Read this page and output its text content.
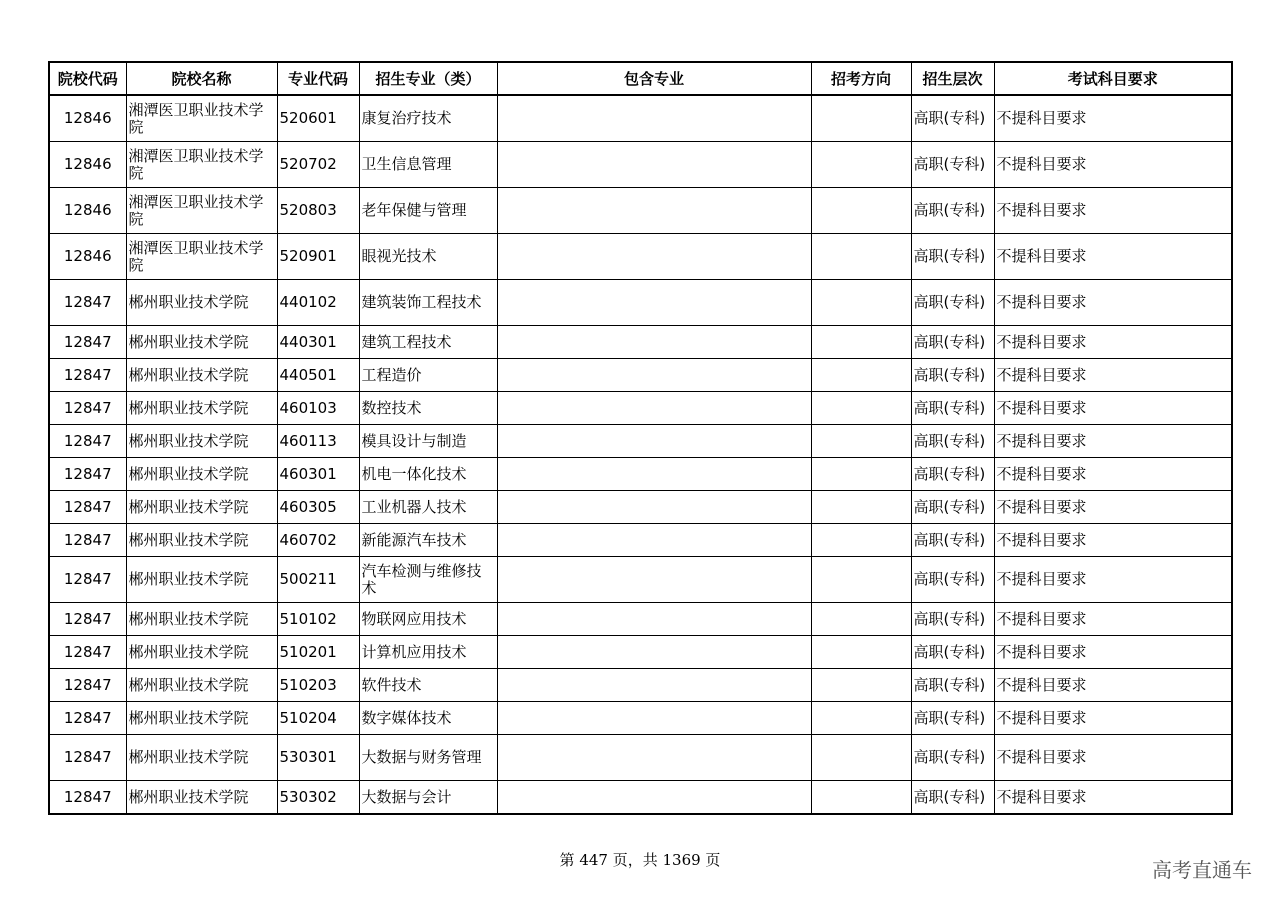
院校代码	院校名称	专业代码	招生专业（类）	包含专业	招考方向	招生层次	考试科目要求
12846	湘潭医卫职业技术学院	520601	康复治疗技术			高职(专科)	不提科目要求
12846	湘潭医卫职业技术学院	520702	卫生信息管理			高职(专科)	不提科目要求
12846	湘潭医卫职业技术学院	520803	老年保健与管理			高职(专科)	不提科目要求
12846	湘潭医卫职业技术学院	520901	眼视光技术			高职(专科)	不提科目要求
12847	郴州职业技术学院	440102	建筑装饰工程技术			高职(专科)	不提科目要求
12847	郴州职业技术学院	440301	建筑工程技术			高职(专科)	不提科目要求
12847	郴州职业技术学院	440501	工程造价			高职(专科)	不提科目要求
12847	郴州职业技术学院	460103	数控技术			高职(专科)	不提科目要求
12847	郴州职业技术学院	460113	模具设计与制造			高职(专科)	不提科目要求
12847	郴州职业技术学院	460301	机电一体化技术			高职(专科)	不提科目要求
12847	郴州职业技术学院	460305	工业机器人技术			高职(专科)	不提科目要求
12847	郴州职业技术学院	460702	新能源汽车技术			高职(专科)	不提科目要求
12847	郴州职业技术学院	500211	汽车检测与维修技术			高职(专科)	不提科目要求
12847	郴州职业技术学院	510102	物联网应用技术			高职(专科)	不提科目要求
12847	郴州职业技术学院	510201	计算机应用技术			高职(专科)	不提科目要求
12847	郴州职业技术学院	510203	软件技术			高职(专科)	不提科目要求
12847	郴州职业技术学院	510204	数字媒体技术			高职(专科)	不提科目要求
12847	郴州职业技术学院	530301	大数据与财务管理			高职(专科)	不提科目要求
12847	郴州职业技术学院	530302	大数据与会计			高职(专科)	不提科目要求
第 447 页，共 1369 页	高考直通车
